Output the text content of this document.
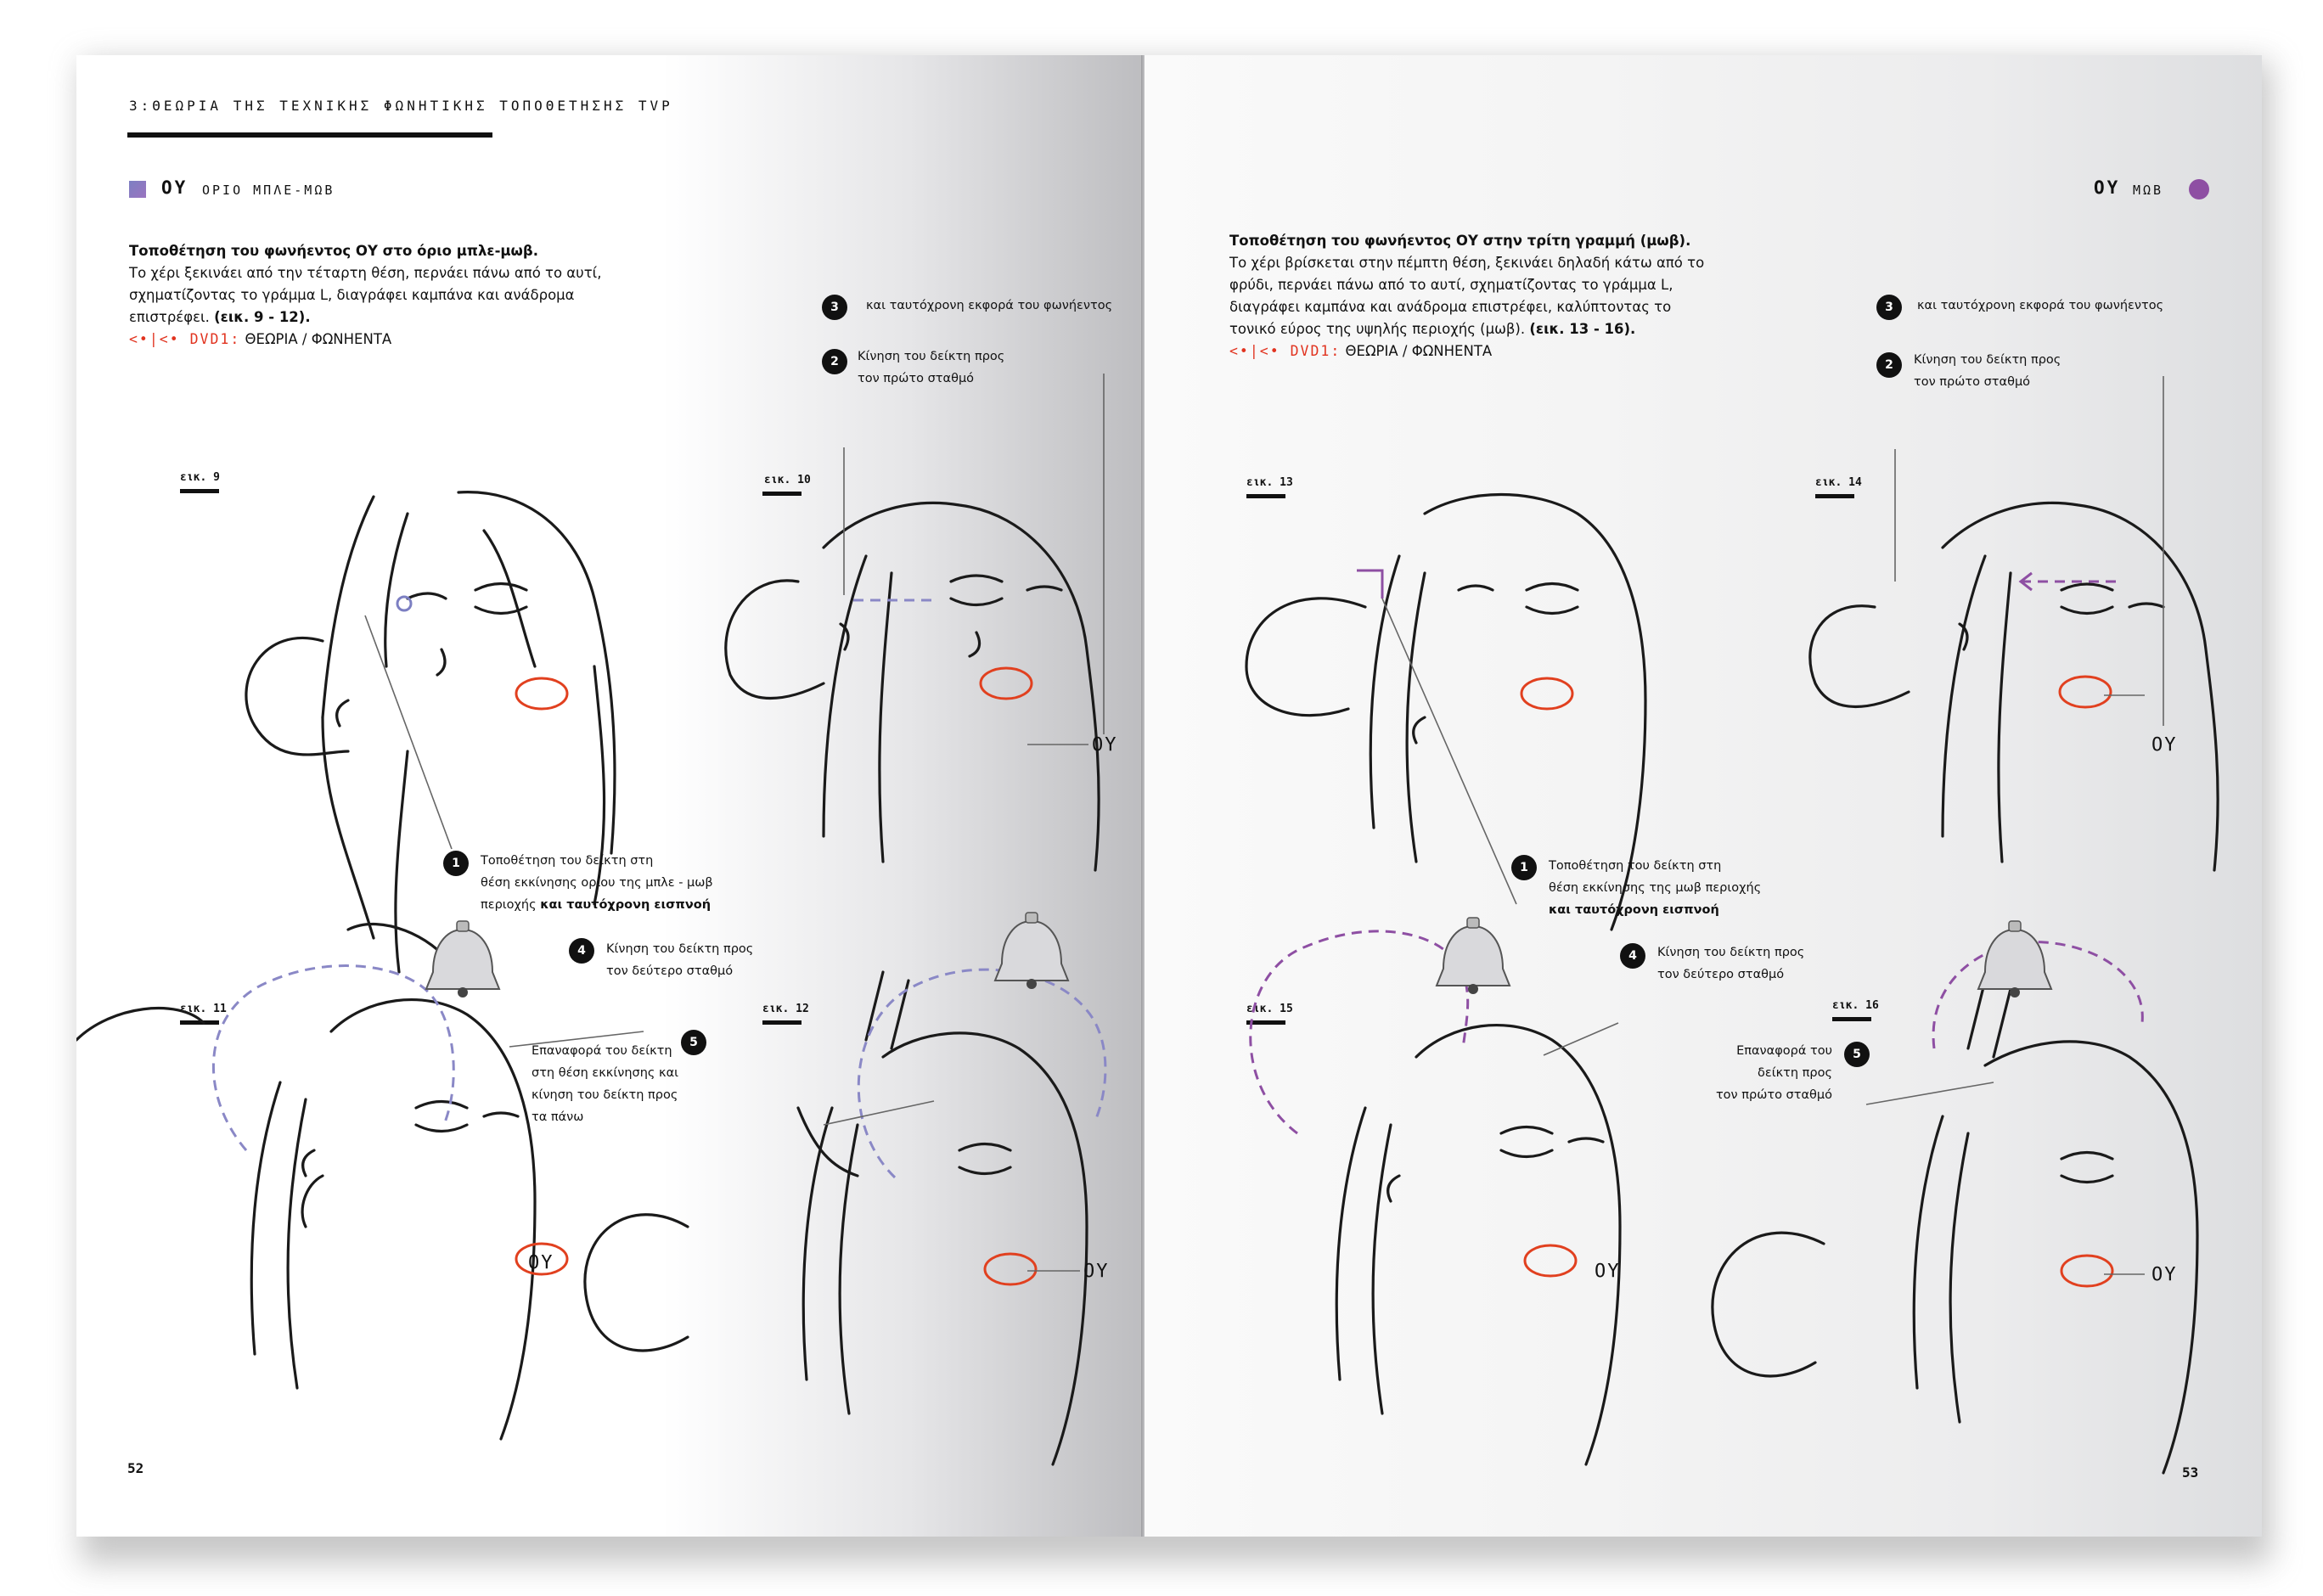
3:ΘΕΩΡΙΑ ΤΗΣ ΤΕΧΝΙΚΗΣ ΦΩΝΗΤΙΚΗΣ ΤΟΠΟΘΕΤΗΣΗΣ TVP
ΟΥ ΟΡΙΟ ΜΠΛΕ-ΜΩΒ
Τοποθέτηση του φωνήεντος ΟΥ στο όριο μπλε-μωβ.
Το χέρι ξεκινάει από την τέταρτη θέση, περνάει πάνω από το αυτί,
σχηματίζοντας το γράμμα L, διαγράφει καμπάνα και ανάδρομα
επιστρέφει. (εικ. 9 - 12).
<•|<• DVD1: ΘΕΩΡΙΑ / ΦΩΝΗΕΝΤΑ
3	και ταυτόχρονη εκφορά του φωνήεντος
2	Κίνηση του δείκτη προς
τον πρώτο σταθμό
εικ. 9	εικ. 10
εικ. 11	εικ. 12
ΟΥ
ΟΥ	ΟΥ
1	Τοποθέτηση του δείκτη στη
θέση εκκίνησης ορίου της μπλε - μωβ
περιοχής και ταυτόχρονη εισπνοή
4	Κίνηση του δείκτη προς
τον δεύτερο σταθμό
5
Επαναφορά του δείκτη
στη θέση εκκίνησης και
κίνηση του δείκτη προς
τα πάνω
52
ΟΥ ΜΩΒ
Τοποθέτηση του φωνήεντος ΟΥ στην τρίτη γραμμή (μωβ).
Το χέρι βρίσκεται στην πέμπτη θέση, ξεκινάει δηλαδή κάτω από το
φρύδι, περνάει πάνω από το αυτί, σχηματίζοντας το γράμμα L,
διαγράφει καμπάνα και ανάδρομα επιστρέφει, καλύπτοντας το
τονικό εύρος της υψηλής περιοχής (μωβ). (εικ. 13 - 16).
<•|<• DVD1: ΘΕΩΡΙΑ / ΦΩΝΗΕΝΤΑ
3	και ταυτόχρονη εκφορά του φωνήεντος
2	Κίνηση του δείκτη προς
τον πρώτο σταθμό
εικ. 13	εικ. 14
εικ. 15	εικ. 16
ΟΥ
ΟΥ	ΟΥ
1	Τοποθέτηση του δείκτη στη
θέση εκκίνησης της μωβ περιοχής
και ταυτόχρονη εισπνοή
4	Κίνηση του δείκτη προς
τον δεύτερο σταθμό
5
Επαναφορά του
δείκτη προς
τον πρώτο σταθμό
53
